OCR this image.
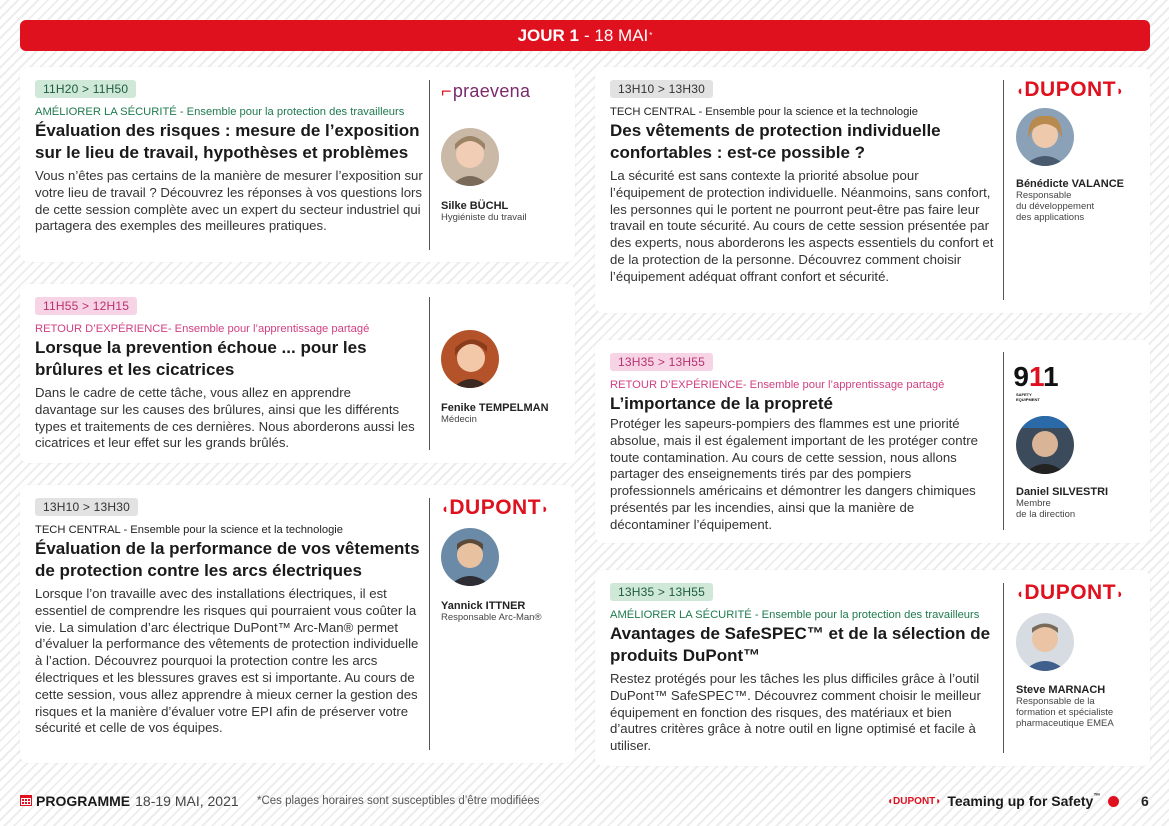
JOUR 1 - 18 MAI *
11H20 > 11H50
AMÉLIORER LA SÉCURITÉ - Ensemble pour la protection des travailleurs
Évaluation des risques : mesure de l’exposition sur le lieu de travail, hypothèses et problèmes
Vous n’êtes pas certains de la manière de mesurer l’exposition sur votre lieu de travail ? Découvrez les réponses à vos questions lors de cette session complète avec un expert du secteur industriel qui partagera des exemples des meilleures pratiques.
⌐ praevena
Silke BÜCHL
Hygiéniste du travail
11H55 > 12H15
RETOUR D’EXPÉRIENCE- Ensemble pour l’apprentissage partagé
Lorsque la prevention échoue ... pour les brûlures et les cicatrices
Dans le cadre de cette tâche, vous allez en apprendre davantage sur les causes des brûlures, ainsi que les différents types et traitements de ces dernières. Nous aborderons aussi les cicatrices et leur effet sur les grands brûlés.
Fenike TEMPELMAN
Médecin
13H10 > 13H30
TECH CENTRAL - Ensemble pour la science et la technologie
Évaluation de la performance de vos vêtements de protection contre les arcs électriques
Lorsque l’on travaille avec des installations électriques, il est essentiel de comprendre les risques qui pourraient vous coûter la vie. La simulation d’arc électrique DuPont™ Arc-Man® permet d’évaluer la performance des vêtements de protection individuelle à l’action. Découvrez pourquoi la protection contre les arcs électriques et les blessures graves est si importante. Au cours de cette session, vous allez apprendre à mieux cerner la gestion des risques et la manière d’évaluer votre EPI afin de préserver votre sécurité et celle de vos équipes.
◖ DUPONT ◗
Yannick ITTNER
Responsable Arc-Man®
13H10 > 13H30
TECH CENTRAL - Ensemble pour la science et la technologie
Des vêtements de protection individuelle confortables : est-ce possible ?
La sécurité est sans contexte la priorité absolue pour l’équipement de protection individuelle. Néanmoins, sans confort, les personnes qui le portent ne pourront peut-être pas faire leur travail en toute sécurité. Au cours de cette session présentée par des experts, nous aborderons les aspects essentiels du confort et de la protection de la personne. Découvrez comment choisir l’équipement adéquat offrant confort et sécurité.
◖ DUPONT ◗
Bénédicte VALANCE
Responsable
du développement
des applications
13H35 > 13H55
RETOUR D’EXPÉRIENCE- Ensemble pour l’apprentissage partagé
L’importance de la propreté
Protéger les sapeurs-pompiers des flammes est une priorité absolue, mais il est également important de les protéger contre toute contamination. Au cours de cette session, nous allons partager des enseignements tirés par des pompiers professionnels américains et démontrer les dangers chimiques présentés par les incendies, ainsi que la manière de décontaminer l’équipement.
911
SAFETY EQUIPMENT
Daniel SILVESTRI
Membre
de la direction
13H35 > 13H55
AMÉLIORER LA SÉCURITÉ - Ensemble pour la protection des travailleurs
Avantages de SafeSPEC™ et de la sélection de produits DuPont™
Restez protégés pour les tâches les plus difficiles grâce à l’outil DuPont™ SafeSPEC™. Découvrez comment choisir le meilleur équipement en fonction des risques, des matériaux et bien d’autres critères grâce à notre outil en ligne optimisé et facile à utiliser.
◖ DUPONT ◗
Steve MARNACH
Responsable de la
formation et spécialiste
pharmaceutique EMEA
PROGRAMME 18-19 MAI, 2021 *Ces plages horaires sont susceptibles d’être modifiées	◖DUPONT◗ Teaming up for Safety™	6
